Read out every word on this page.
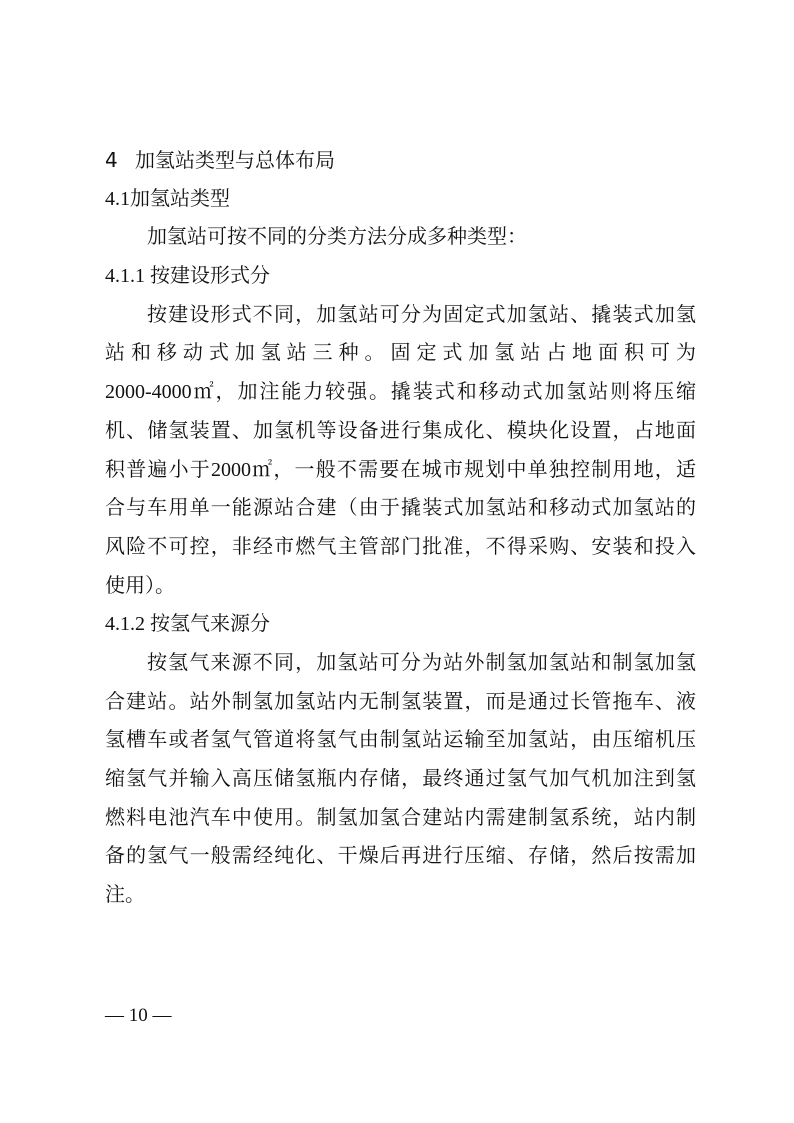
4 加氢站类型与总体布局
4.1加氢站类型
加氢站可按不同的分类方法分成多种类型：
4.1.1 按建设形式分
按建设形式不同，加氢站可分为固定式加氢站、撬装式加氢
站和移动式加氢站三种。固定式加氢站占地面积可为
2000-4000㎡，加注能力较强。撬装式和移动式加氢站则将压缩
机、储氢装置、加氢机等设备进行集成化、模块化设置，占地面
积普遍小于2000㎡，一般不需要在城市规划中单独控制用地，适
合与车用单一能源站合建（由于撬装式加氢站和移动式加氢站的
风险不可控，非经市燃气主管部门批准，不得采购、安装和投入
使用）。
4.1.2 按氢气来源分
按氢气来源不同，加氢站可分为站外制氢加氢站和制氢加氢
合建站。站外制氢加氢站内无制氢装置，而是通过长管拖车、液
氢槽车或者氢气管道将氢气由制氢站运输至加氢站，由压缩机压
缩氢气并输入高压储氢瓶内存储，最终通过氢气加气机加注到氢
燃料电池汽车中使用。制氢加氢合建站内需建制氢系统，站内制
备的氢气一般需经纯化、干燥后再进行压缩、存储，然后按需加
注。
— 10 —
